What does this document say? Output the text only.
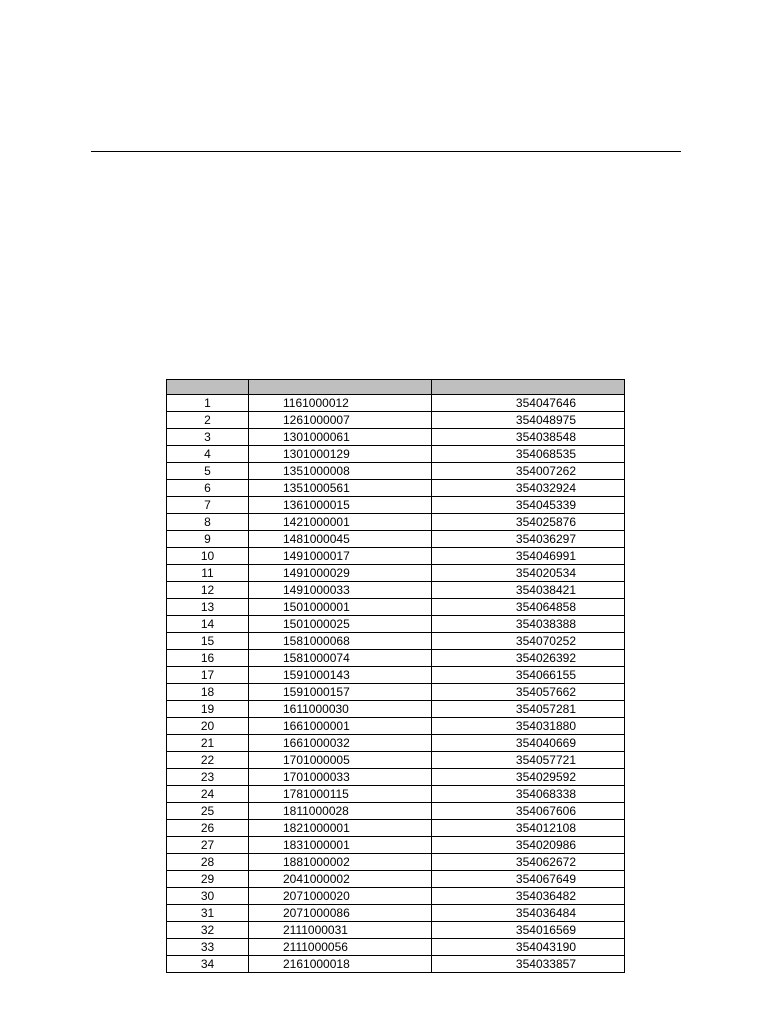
1	1161000012	354047646
2	1261000007	354048975
3	1301000061	354038548
4	1301000129	354068535
5	1351000008	354007262
6	1351000561	354032924
7	1361000015	354045339
8	1421000001	354025876
9	1481000045	354036297
10	1491000017	354046991
11	1491000029	354020534
12	1491000033	354038421
13	1501000001	354064858
14	1501000025	354038388
15	1581000068	354070252
16	1581000074	354026392
17	1591000143	354066155
18	1591000157	354057662
19	1611000030	354057281
20	1661000001	354031880
21	1661000032	354040669
22	1701000005	354057721
23	1701000033	354029592
24	1781000115	354068338
25	1811000028	354067606
26	1821000001	354012108
27	1831000001	354020986
28	1881000002	354062672
29	2041000002	354067649
30	2071000020	354036482
31	2071000086	354036484
32	2111000031	354016569
33	2111000056	354043190
34	2161000018	354033857
